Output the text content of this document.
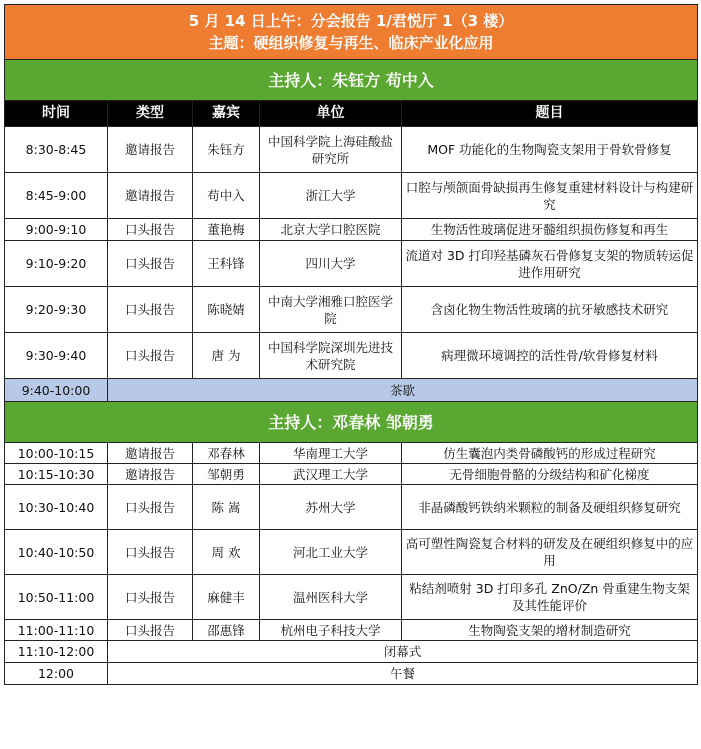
5 月 14 日上午：分会报告 1/君悦厅 1（3 楼）
主题：硬组织修复与再生、临床产业化应用				

主持人：朱钰方 苟中入				
时间	类型	嘉宾	单位	题目
8:30-8:45	邀请报告	朱钰方	中国科学院上海硅酸盐研究所	MOF 功能化的生物陶瓷支架用于骨软骨修复
8:45-9:00	邀请报告	苟中入	浙江大学	口腔与颅颌面骨缺损再生修复重建材料设计与构建研究
9:00-9:10	口头报告	董艳梅	北京大学口腔医院	生物活性玻璃促进牙髓组织损伤修复和再生
9:10-9:20	口头报告	王科锋	四川大学	流道对 3D 打印羟基磷灰石骨修复支架的物质转运促进作用研究
9:20-9:30	口头报告	陈晓婧	中南大学湘雅口腔医学院	含卤化物生物活性玻璃的抗牙敏感技术研究
9:30-9:40	口头报告	唐 为	中国科学院深圳先进技术研究院	病理微环境调控的活性骨/软骨修复材料
9:40-10:00	茶歇			
主持人：邓春林 邹朝勇				
10:00-10:15	邀请报告	邓春林	华南理工大学	仿生囊泡内类骨磷酸钙的形成过程研究
10:15-10:30	邀请报告	邹朝勇	武汉理工大学	无骨细胞骨骼的分级结构和矿化梯度
10:30-10:40	口头报告	陈 嵩	苏州大学	非晶磷酸钙铁纳米颗粒的制备及硬组织修复研究
10:40-10:50	口头报告	周 欢	河北工业大学	高可塑性陶瓷复合材料的研发及在硬组织修复中的应用
10:50-11:00	口头报告	麻健丰	温州医科大学	粘结剂喷射 3D 打印多孔 ZnO/Zn 骨重建生物支架及其性能评价
11:00-11:10	口头报告	邵惠锋	杭州电子科技大学	生物陶瓷支架的增材制造研究
11:10-12:00	闭幕式			
12:00	午餐			
